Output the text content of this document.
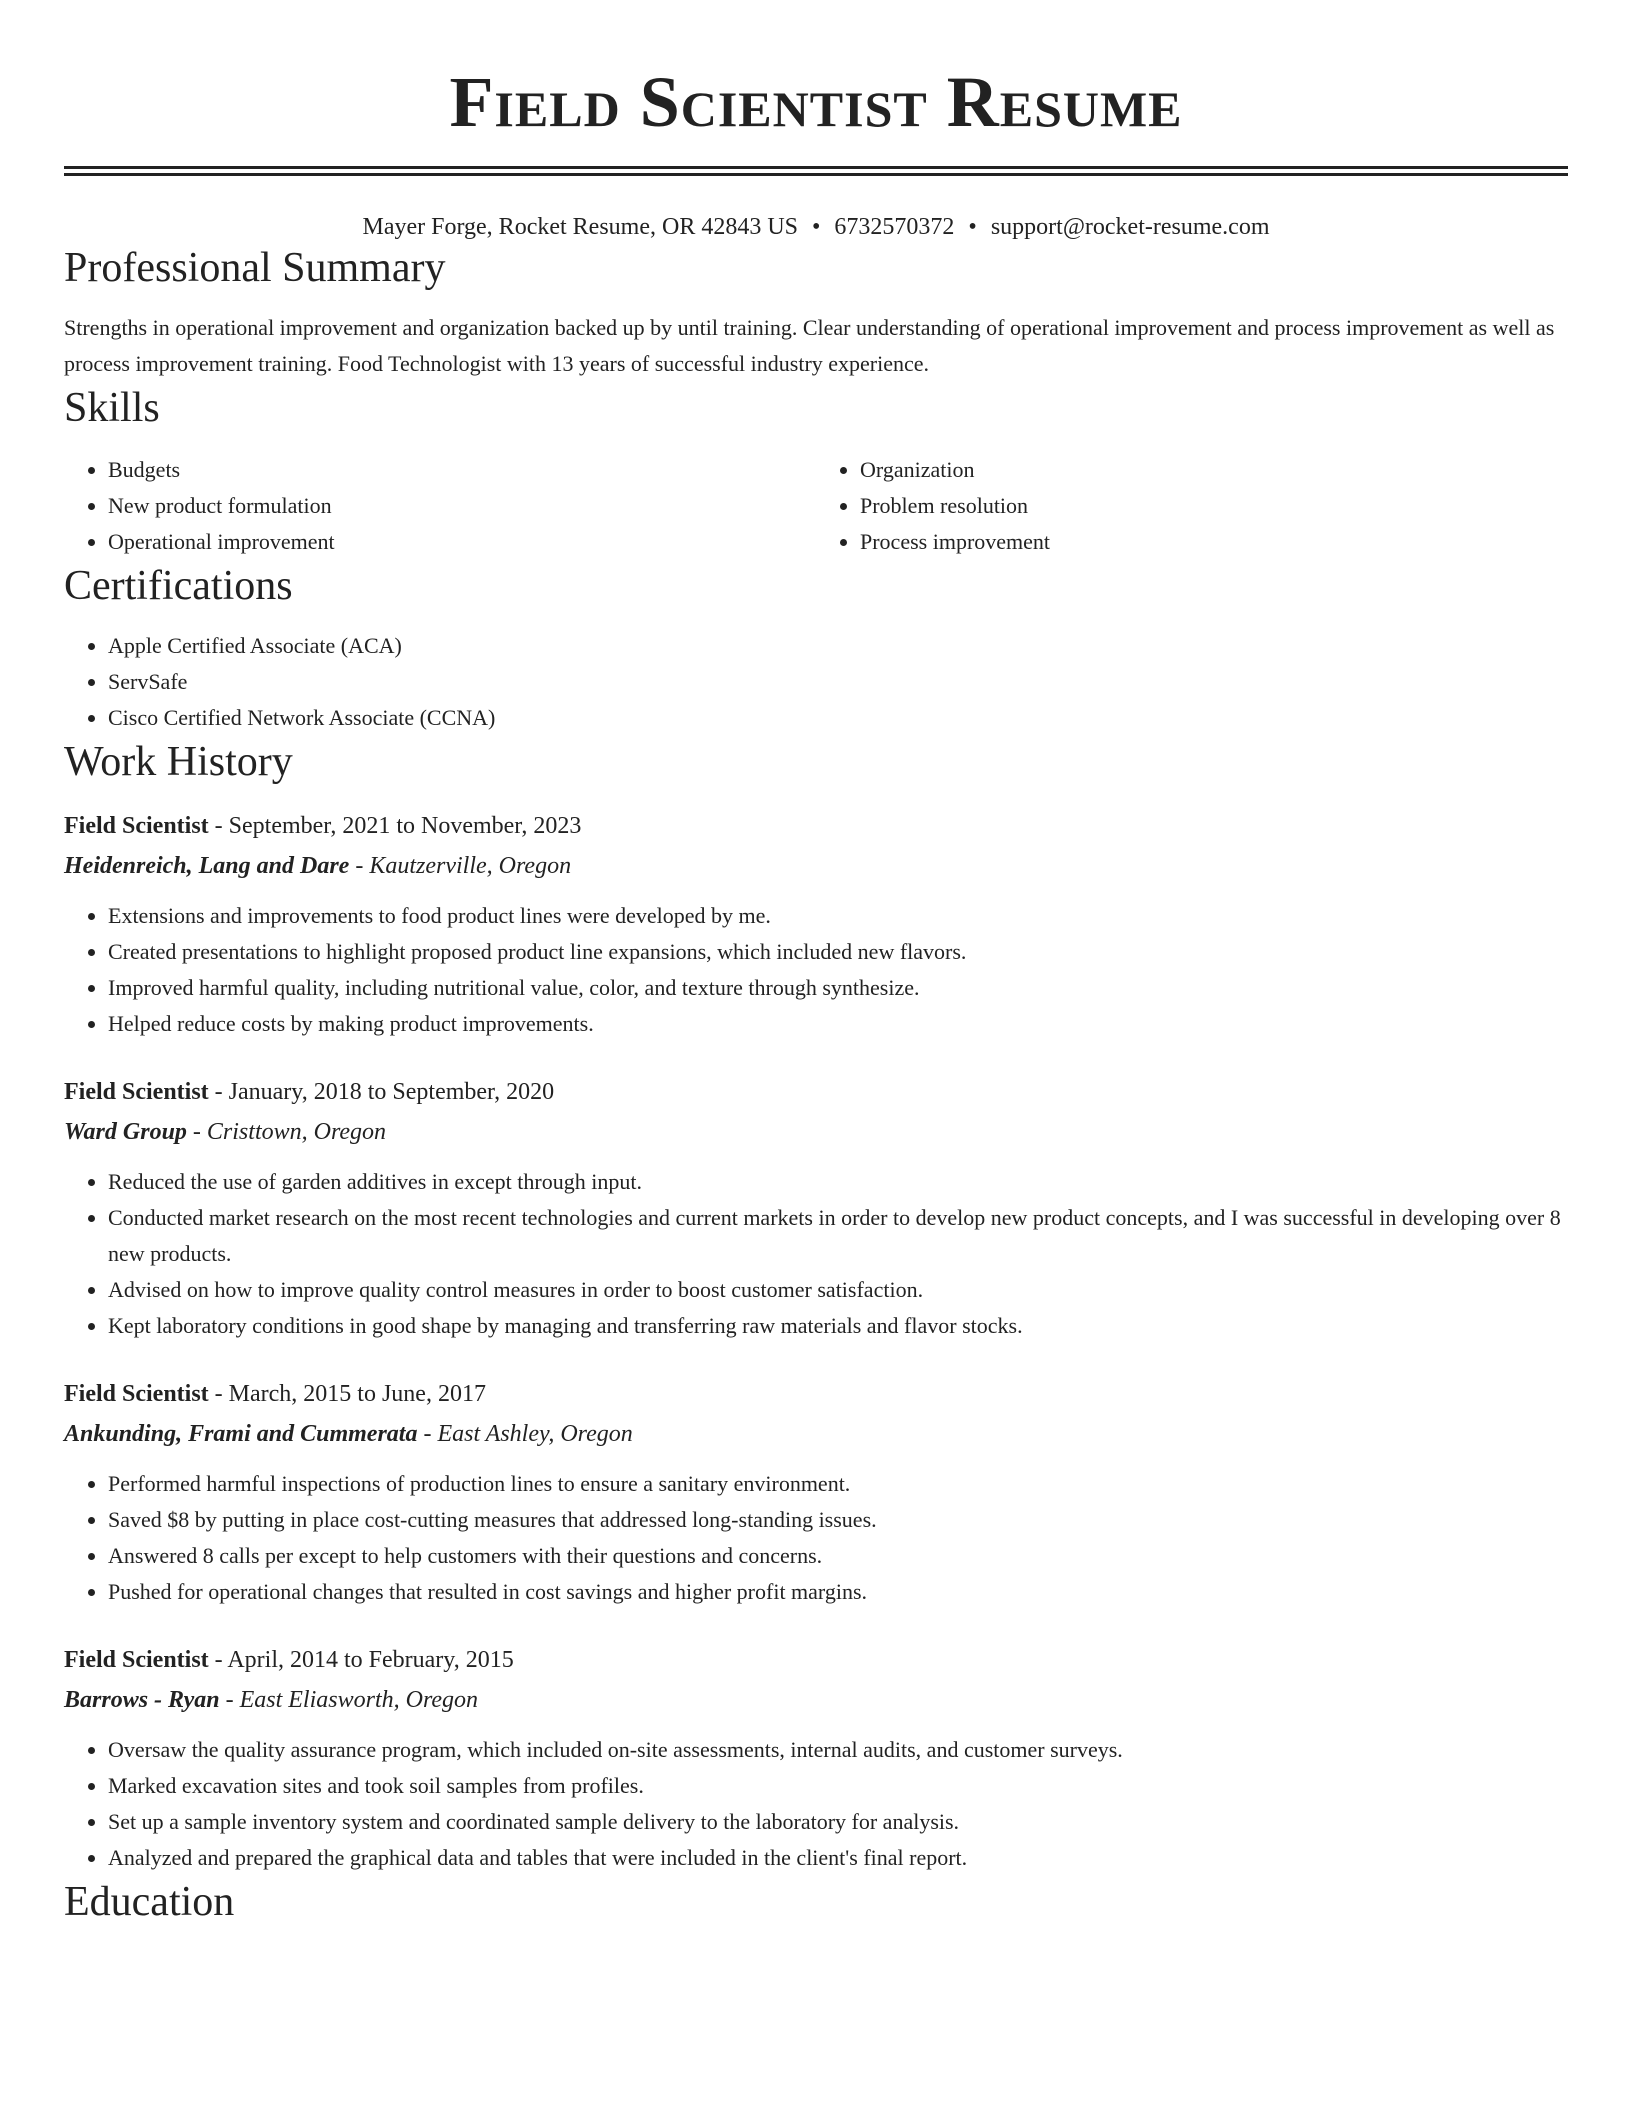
Field Scientist Resume
Mayer Forge, Rocket Resume, OR 42843 US • 6732570372 • support@rocket-resume.com
Professional Summary

Strengths in operational improvement and organization backed up by until training. Clear understanding of operational improvement and process improvement as well as process improvement training. Food Technologist with 13 years of successful industry experience.

Skills
• Budgets
• New product formulation
• Operational improvement
• Organization
• Problem resolution
• Process improvement
Certifications
• Apple Certified Associate (ACA)
• ServSafe
• Cisco Certified Network Associate (CCNA)
Work History
Field Scientist - September, 2021 to November, 2023
Heidenreich, Lang and Dare - Kautzerville, Oregon
• Extensions and improvements to food product lines were developed by me.
• Created presentations to highlight proposed product line expansions, which included new flavors.
• Improved harmful quality, including nutritional value, color, and texture through synthesize.
• Helped reduce costs by making product improvements.
Field Scientist - January, 2018 to September, 2020
Ward Group - Cristtown, Oregon
• Reduced the use of garden additives in except through input.
• Conducted market research on the most recent technologies and current markets in order to develop new product concepts, and I was successful in developing over 8 new products.
• Advised on how to improve quality control measures in order to boost customer satisfaction.
• Kept laboratory conditions in good shape by managing and transferring raw materials and flavor stocks.
Field Scientist - March, 2015 to June, 2017
Ankunding, Frami and Cummerata - East Ashley, Oregon
• Performed harmful inspections of production lines to ensure a sanitary environment.
• Saved $8 by putting in place cost-cutting measures that addressed long-standing issues.
• Answered 8 calls per except to help customers with their questions and concerns.
• Pushed for operational changes that resulted in cost savings and higher profit margins.
Field Scientist - April, 2014 to February, 2015
Barrows - Ryan - East Eliasworth, Oregon
• Oversaw the quality assurance program, which included on-site assessments, internal audits, and customer surveys.
• Marked excavation sites and took soil samples from profiles.
• Set up a sample inventory system and coordinated sample delivery to the laboratory for analysis.
• Analyzed and prepared the graphical data and tables that were included in the client's final report.
Education
